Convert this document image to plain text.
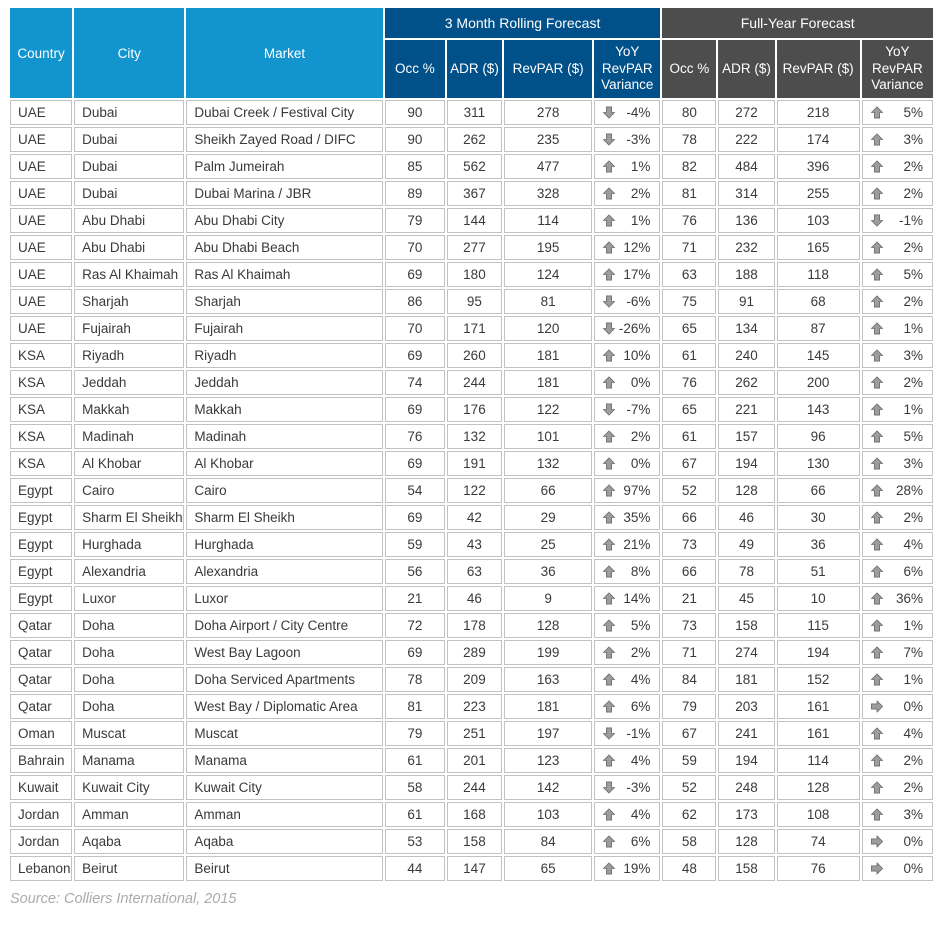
Country	City	Market	3 Month Rolling Forecast				Full-Year Forecast			
			Occ %	ADR ($)	RevPAR ($)	YoY RevPAR Variance	Occ %	ADR ($)	RevPAR ($)	YoY RevPAR Variance
UAE	Dubai	Dubai Creek / Festival City	90	311	278	-4%	80	272	218	5%

UAE	Dubai	Sheikh Zayed Road / DIFC	90	262	235	-3%	78	222	174	3%

UAE	Dubai	Palm Jumeirah	85	562	477	1%	82	484	396	2%

UAE	Dubai	Dubai Marina / JBR	89	367	328	2%	81	314	255	2%

UAE	Abu Dhabi	Abu Dhabi City	79	144	114	1%	76	136	103	-1%

UAE	Abu Dhabi	Abu Dhabi Beach	70	277	195	12%	71	232	165	2%

UAE	Ras Al Khaimah	Ras Al Khaimah	69	180	124	17%	63	188	118	5%

UAE	Sharjah	Sharjah	86	95	81	-6%	75	91	68	2%

UAE	Fujairah	Fujairah	70	171	120	-26%	65	134	87	1%

KSA	Riyadh	Riyadh	69	260	181	10%	61	240	145	3%

KSA	Jeddah	Jeddah	74	244	181	0%	76	262	200	2%

KSA	Makkah	Makkah	69	176	122	-7%	65	221	143	1%

KSA	Madinah	Madinah	76	132	101	2%	61	157	96	5%

KSA	Al Khobar	Al Khobar	69	191	132	0%	67	194	130	3%

Egypt	Cairo	Cairo	54	122	66	97%	52	128	66	28%

Egypt	Sharm El Sheikh	Sharm El Sheikh	69	42	29	35%	66	46	30	2%

Egypt	Hurghada	Hurghada	59	43	25	21%	73	49	36	4%

Egypt	Alexandria	Alexandria	56	63	36	8%	66	78	51	6%

Egypt	Luxor	Luxor	21	46	9	14%	21	45	10	36%

Qatar	Doha	Doha Airport / City Centre	72	178	128	5%	73	158	115	1%

Qatar	Doha	West Bay Lagoon	69	289	199	2%	71	274	194	7%

Qatar	Doha	Doha Serviced Apartments	78	209	163	4%	84	181	152	1%

Qatar	Doha	West Bay / Diplomatic Area	81	223	181	6%	79	203	161	0%

Oman	Muscat	Muscat	79	251	197	-1%	67	241	161	4%

Bahrain	Manama	Manama	61	201	123	4%	59	194	114	2%

Kuwait	Kuwait City	Kuwait City	58	244	142	-3%	52	248	128	2%

Jordan	Amman	Amman	61	168	103	4%	62	173	108	3%

Jordan	Aqaba	Aqaba	53	158	84	6%	58	128	74	0%

Lebanon	Beirut	Beirut	44	147	65	19%	48	158	76	0%
Source: Colliers International, 2015
